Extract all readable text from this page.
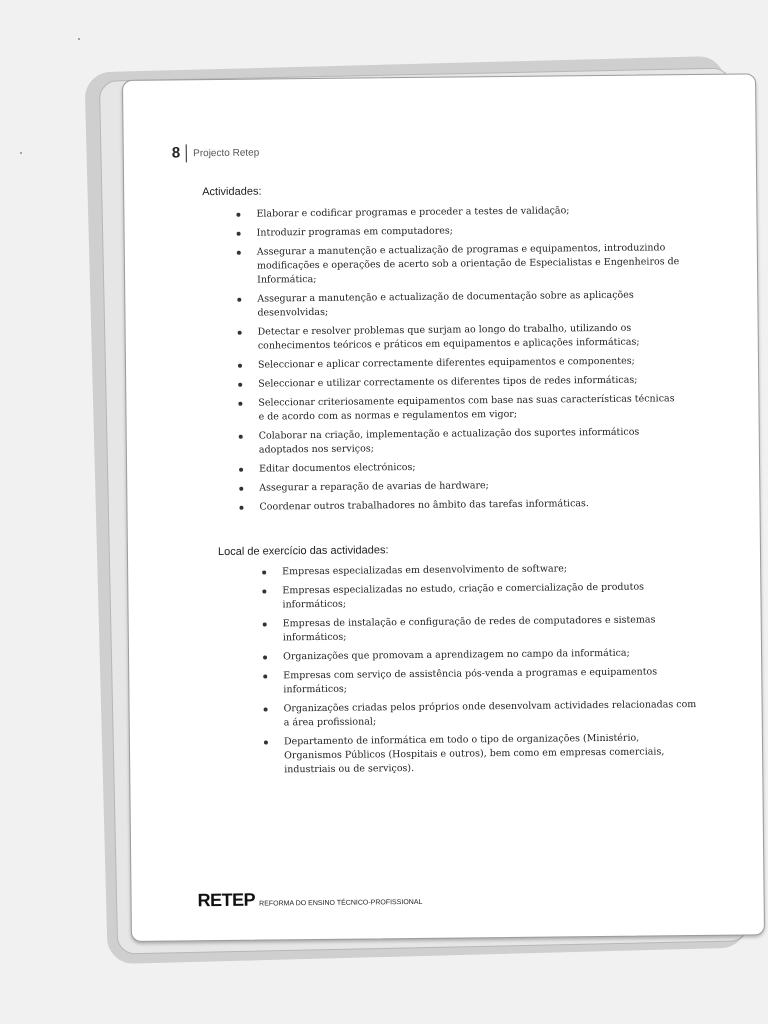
8	Projecto Retep
Actividades:
Elaborar e codificar programas e proceder a testes de validação;
Introduzir programas em computadores;
Assegurar a manutenção e actualização de programas e equipamentos, introduzindo modificações e operações de acerto sob a orientação de Especialistas e Engenheiros de Informática;
Assegurar a manutenção e actualização de documentação sobre as aplicações desenvolvidas;
Detectar e resolver problemas que surjam ao longo do trabalho, utilizando os conhecimentos teóricos e práticos em equipamentos e aplicações informáticas;
Seleccionar e aplicar correctamente diferentes equipamentos e componentes;
Seleccionar e utilizar correctamente os diferentes tipos de redes informáticas;
Seleccionar criteriosamente equipamentos com base nas suas características técnicas e de acordo com as normas e regulamentos em vigor;
Colaborar na criação, implementação e actualização dos suportes informáticos adoptados nos serviços;
Editar documentos electrónicos;
Assegurar a reparação de avarias de hardware;
Coordenar outros trabalhadores no âmbito das tarefas informáticas.
Local de exercício das actividades:
Empresas especializadas em desenvolvimento de software;
Empresas especializadas no estudo, criação e comercialização de produtos informáticos;
Empresas de instalação e configuração de redes de computadores e sistemas informáticos;
Organizações que promovam a aprendizagem no campo da informática;
Empresas com serviço de assistência pós-venda a programas e equipamentos informáticos;
Organizações criadas pelos próprios onde desenvolvam actividades relacionadas com a área profissional;
Departamento de informática em todo o tipo de organizações (Ministério, Organismos Públicos (Hospitais e outros), bem como em empresas comerciais, industriais ou de serviços).
RETEP REFORMA DO ENSINO TÉCNICO-PROFISSIONAL
